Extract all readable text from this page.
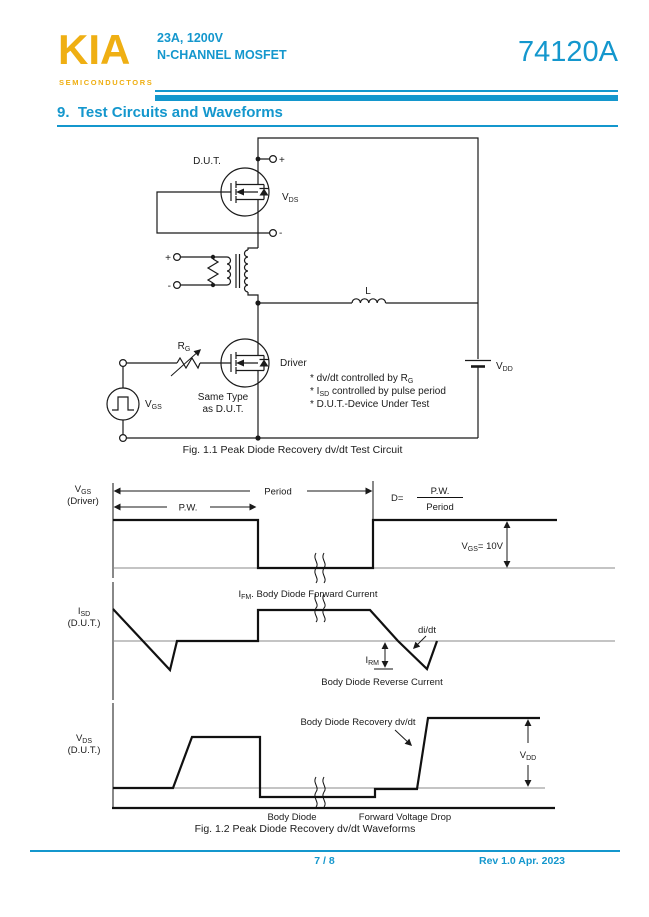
KIA
SEMICONDUCTORS
23A, 1200V
N-CHANNEL MOSFET	74120A
9.  Test Circuits and Waveforms
D.U.T.	+
-
$V_{DS}$
+
-	L
$V_{DD}$
$R_G$
Driver
Same Type
as D.U.T.
$V_{GS}$
* dv/dt controlled by $R_G$
* $I_{SD}$ controlled by pulse period
* D.U.T.-Device Under Test
Fig. 1.1 Peak Diode Recovery dv/dt Test Circuit
P.W.
Period
D=
P.W.
Period
$V_{GS}= 10V$
$V_{GS}$
(Driver)
$I_{FM}$. Body Diode Forward Current
di/dt
$I_{RM}$
Body Diode Reverse Current
$I_{SD}$
(D.U.T.)
Body Diode Recovery dv/dt
$V_{DD}$
Body Diode	Forward Voltage Drop
$V_{DS}$
(D.U.T.)
Fig. 1.2 Peak Diode Recovery dv/dt Waveforms
7 / 8	Rev 1.0 Apr. 2023
